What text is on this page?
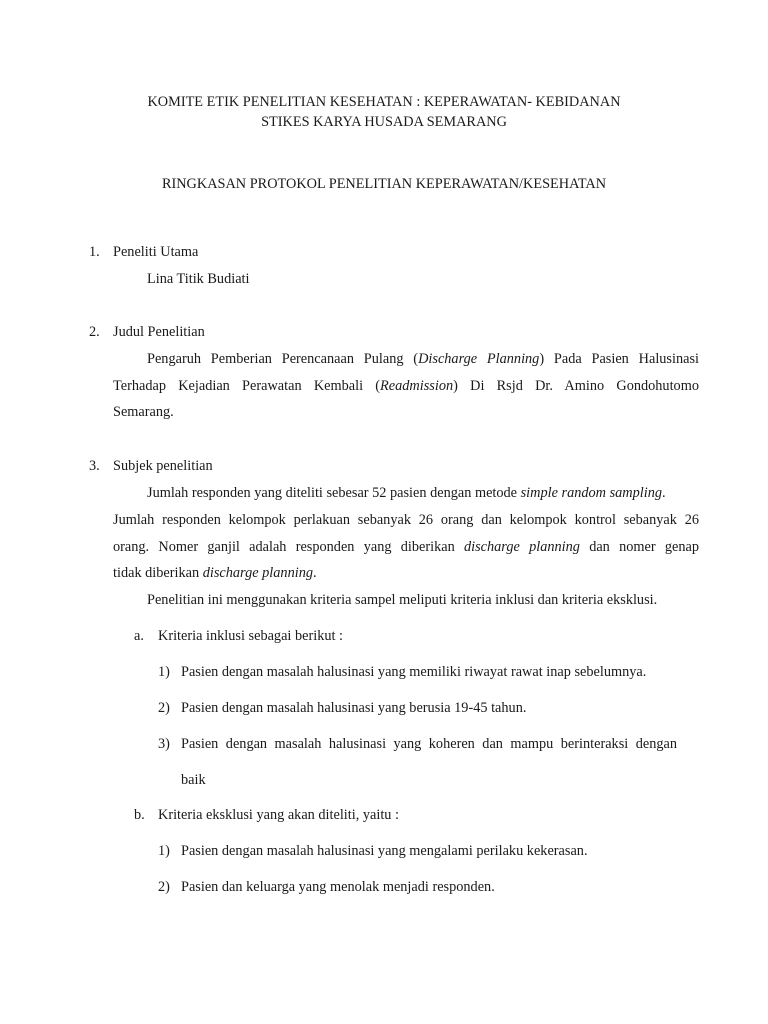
KOMITE ETIK PENELITIAN KESEHATAN : KEPERAWATAN- KEBIDANAN
STIKES KARYA HUSADA SEMARANG
RINGKASAN PROTOKOL PENELITIAN KEPERAWATAN/KESEHATAN
1. Peneliti Utama
Lina Titik Budiati
2. Judul Penelitian
Pengaruh Pemberian Perencanaan Pulang (Discharge Planning) Pada Pasien Halusinasi
Terhadap Kejadian Perawatan Kembali (Readmission) Di Rsjd Dr. Amino Gondohutomo
Semarang.
3. Subjek penelitian
Jumlah responden yang diteliti sebesar 52 pasien dengan metode simple random sampling.
Jumlah responden kelompok perlakuan sebanyak 26 orang dan kelompok kontrol sebanyak 26
orang. Nomer ganjil adalah responden yang diberikan discharge planning dan nomer genap
tidak diberikan discharge planning.
Penelitian ini menggunakan kriteria sampel meliputi kriteria inklusi dan kriteria eksklusi.
a. Kriteria inklusi sebagai berikut :
1) Pasien dengan masalah halusinasi yang memiliki riwayat rawat inap sebelumnya.
2) Pasien dengan masalah halusinasi yang berusia 19-45 tahun.
3) Pasien dengan masalah halusinasi yang koheren dan mampu berinteraksi dengan
baik
b. Kriteria eksklusi yang akan diteliti, yaitu :
1) Pasien dengan masalah halusinasi yang mengalami perilaku kekerasan.
2) Pasien dan keluarga yang menolak menjadi responden.
